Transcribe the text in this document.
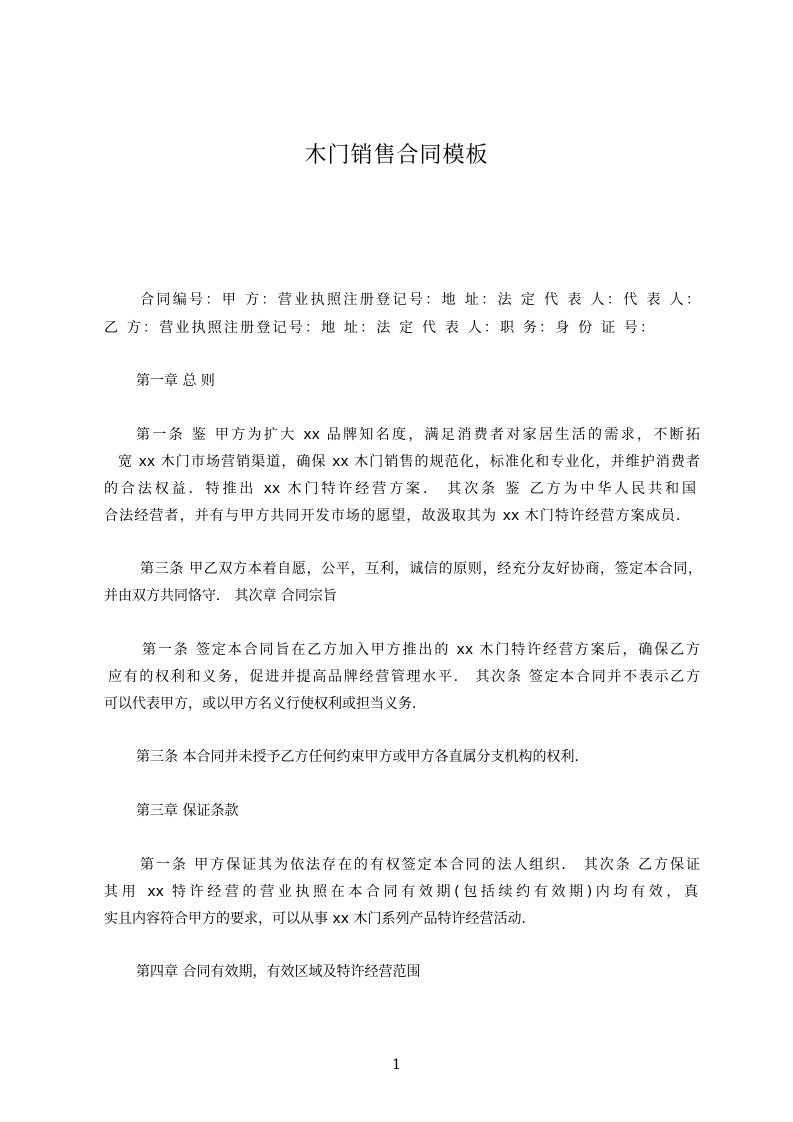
木门销售合同模板
合同编号：甲 方：营业执照注册登记号：地 址：法 定 代 表 人：代 表 人：
乙 方：营业执照注册登记号：地 址：法 定 代 表 人：职 务：身 份 证 号：
第一章 总 则
第一条 鉴 甲方为扩大 xx 品牌知名度，满足消费者对家居生活的需求，不断拓
宽 xx 木门市场营销渠道，确保 xx 木门销售的规范化，标准化和专业化，并维护消费者
的合法权益．特推出 xx 木门特许经营方案． 其次条 鉴 乙方为中华人民共和国
合法经营者，并有与甲方共同开发市场的愿望，故汲取其为 xx 木门特许经营方案成员．
第三条 甲乙双方本着自愿，公平，互利，诚信的原则，经充分友好协商，签定本合同，
并由双方共同恪守． 其次章 合同宗旨
第一条 签定本合同旨在乙方加入甲方推出的 xx 木门特许经营方案后，确保乙方
应有的权利和义务，促进并提高品牌经营管理水平． 其次条 签定本合同并不表示乙方
可以代表甲方，或以甲方名义行使权利或担当义务．
第三条 本合同并未授予乙方任何约束甲方或甲方各直属分支机构的权利．
第三章 保证条款
第一条 甲方保证其为依法存在的有权签定本合同的法人组织． 其次条 乙方保证
其用 xx 特许经营的营业执照在本合同有效期(包括续约有效期)内均有效，真
实且内容符合甲方的要求，可以从事 xx 木门系列产品特许经营活动．
第四章 合同有效期，有效区域及特许经营范围
1
